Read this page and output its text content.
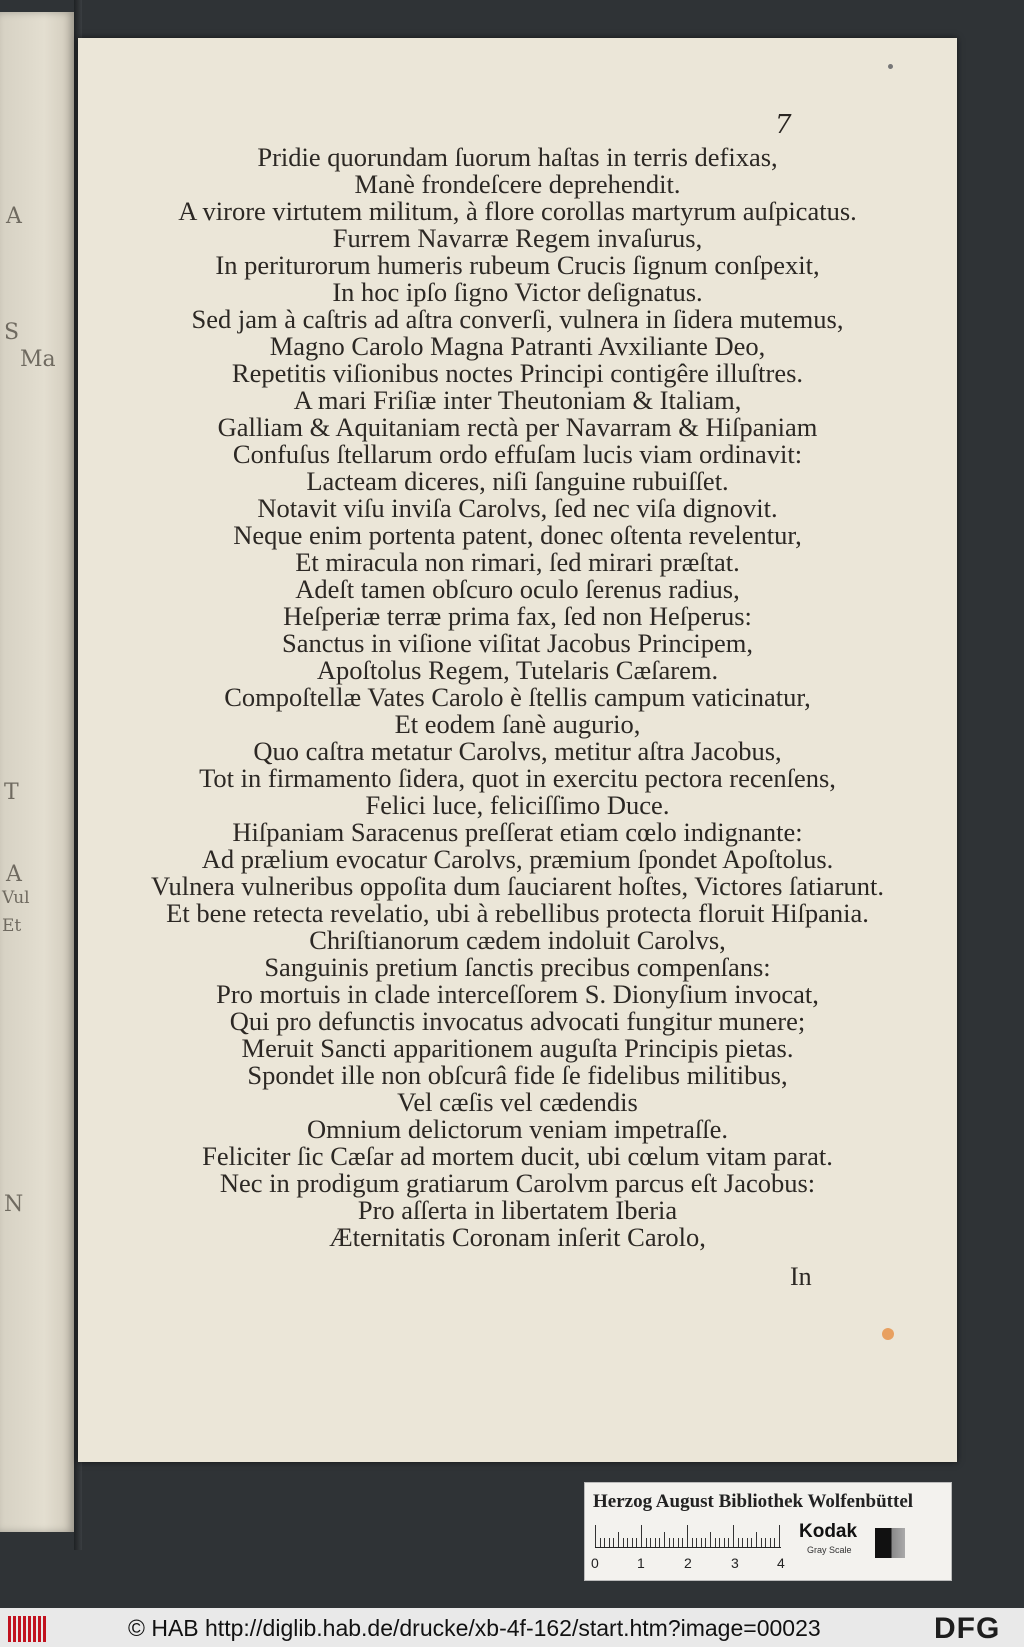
A
S
Ma
T
A
Vul
Et
N
7
Pridie quorundam ſuorum haſtas in terris defixas,
Manè frondeſcere deprehendit.
A virore virtutem militum, à flore corollas martyrum auſpicatus.
Furrem Navarræ Regem invaſurus,
In periturorum humeris rubeum Crucis ſignum conſpexit,
In hoc ipſo ſigno Victor deſignatus.
Sed jam à caſtris ad aſtra converſi, vulnera in ſidera mutemus,
Magno Carolo Magna Patranti Avxiliante Deo,
Repetitis viſionibus noctes Principi contigêre illuſtres.
A mari Friſiæ inter Theutoniam & Italiam,
Galliam & Aquitaniam rectà per Navarram & Hiſpaniam
Confuſus ſtellarum ordo effuſam lucis viam ordinavit:
Lacteam diceres, niſi ſanguine rubuiſſet.
Notavit viſu inviſa Carolvs, ſed nec viſa dignovit.
Neque enim portenta patent, donec oſtenta revelentur,
Et miracula non rimari, ſed mirari præſtat.
Adeſt tamen obſcuro oculo ſerenus radius,
Heſperiæ terræ prima fax, ſed non Heſperus:
Sanctus in viſione viſitat Jacobus Principem,
Apoſtolus Regem, Tutelaris Cæſarem.
Compoſtellæ Vates Carolo è ſtellis campum vaticinatur,
Et eodem ſanè augurio,
Quo caſtra metatur Carolvs, metitur aſtra Jacobus,
Tot in firmamento ſidera, quot in exercitu pectora recenſens,
Felici luce, feliciſſimo Duce.
Hiſpaniam Saracenus preſſerat etiam cœlo indignante:
Ad prælium evocatur Carolvs, præmium ſpondet Apoſtolus.
Vulnera vulneribus oppoſita dum ſauciarent hoſtes, Victores ſatiarunt.
Et bene retecta revelatio, ubi à rebellibus protecta floruit Hiſpania.
Chriſtianorum cædem indoluit Carolvs,
Sanguinis pretium ſanctis precibus compenſans:
Pro mortuis in clade interceſſorem S. Dionyſium invocat,
Qui pro defunctis invocatus advocati fungitur munere;
Meruit Sancti apparitionem auguſta Principis pietas.
Spondet ille non obſcurâ fide ſe fidelibus militibus,
Vel cæſis vel cædendis
Omnium delictorum veniam impetraſſe.
Feliciter ſic Cæſar ad mortem ducit, ubi cœlum vitam parat.
Nec in prodigum gratiarum Carolvm parcus eſt Jacobus:
Pro aſſerta in libertatem Iberia
Æternitatis Coronam inſerit Carolo,
In
Herzog August Bibliothek Wolfenbüttel
0	1	2	3	4
Kodak
Gray Scale
© HAB http://diglib.hab.de/drucke/xb-4f-162/start.htm?image=00023	DFG
